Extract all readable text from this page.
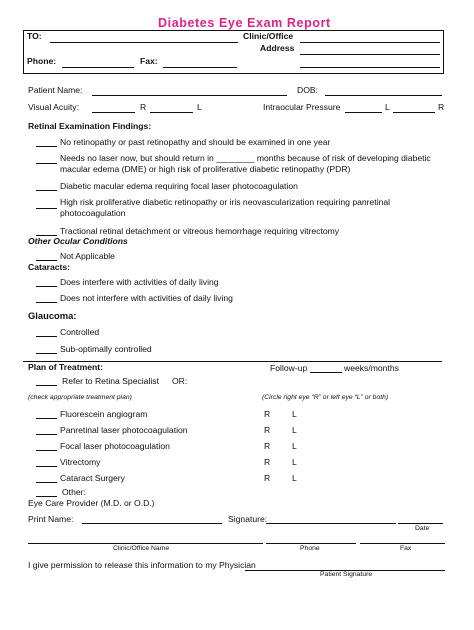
Diabetes Eye Exam Report
TO:	Clinic/Office
Address
Phone:	Fax:
Patient Name:	DOB:
Visual Acuity:	R	L	Intraocular Pressure	L	R
Retinal Examination Findings:
No retinopathy or past retinopathy and should be examined in one year
Needs no laser now, but should return in ________ months because of risk of developing diabetic
macular edema (DME) or high risk of proliferative diabetic retinopathy (PDR)
Diabetic macular edema requiring focal laser photocoagulation
High risk proliferative diabetic retinopathy or iris neovascularization requiring panretinal
photocoagulation
Tractional retinal detachment or vitreous hemorrhage requiring vitrectomy
Other Ocular Conditions
Not Applicable
Cataracts:
Does interfere with activities of daily living
Does not interfere with activities of daily living
Glaucoma:
Controlled
Sub-optimally controlled
Plan of Treatment:	Follow-up	weeks/months
Refer to Retina Specialist OR:
(check appropriate treatment plan)	(Circle right eye “R” or left eye “L” or both)
Fluorescein angiogram	R	L
Panretinal laser photocoagulation	R	L
Focal laser photocoagulation	R	L
Vitrectomy	R	L
Cataract Surgery	R	L
Other:
Eye Care Provider (M.D. or O.D.)
Print Name:	Signature:
Date
Clinic/Office Name	Phone	Fax
I give permission to release this information to my Physician
Patient Signature
